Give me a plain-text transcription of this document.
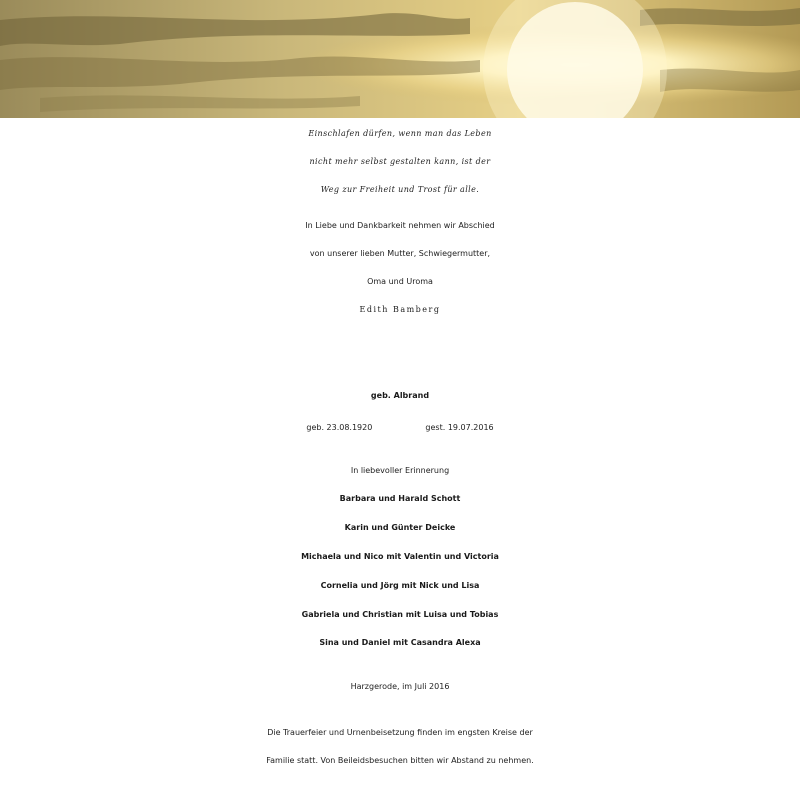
Einschlafen dürfen, wenn man das Leben
nicht mehr selbst gestalten kann, ist der
Weg zur Freiheit und Trost für alle.
In Liebe und Dankbarkeit nehmen wir Abschied
von unserer lieben Mutter, Schwiegermutter,
Oma und Uroma
Edith Bamberg
geb. Albrand
geb. 23.08.1920	gest. 19.07.2016
In liebevoller Erinnerung
Barbara und Harald Schott
Karin und Günter Deicke
Michaela und Nico mit Valentin und Victoria
Cornelia und Jörg mit Nick und Lisa
Gabriela und Christian mit Luisa und Tobias
Sina und Daniel mit Casandra Alexa
Harzgerode, im Juli 2016
Die Trauerfeier und Urnenbeisetzung finden im engsten Kreise der
Familie statt. Von Beileidsbesuchen bitten wir Abstand zu nehmen.
